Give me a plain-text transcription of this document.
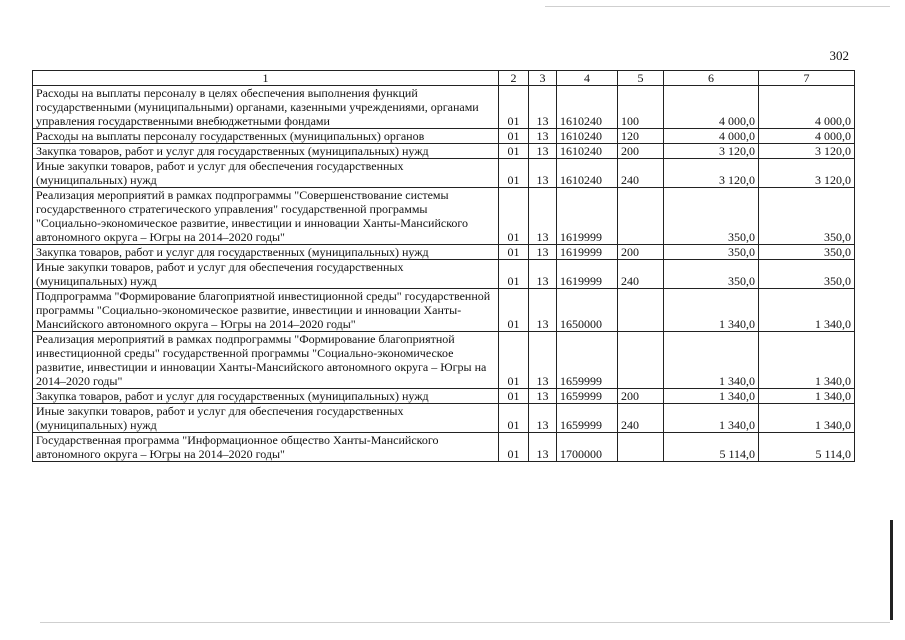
302
1	2	3	4	5	6	7
Расходы на выплаты персоналу в целях обеспечения выполнения функций государственными (муниципальными) органами, казенными учреждениями, органами управления государственными внебюджетными фондами	01	13	1610240	100	4 000,0	4 000,0
Расходы на выплаты персоналу государственных (муниципальных) органов	01	13	1610240	120	4 000,0	4 000,0
Закупка товаров, работ и услуг для государственных (муниципальных) нужд	01	13	1610240	200	3 120,0	3 120,0
Иные закупки товаров, работ и услуг для обеспечения государственных (муниципальных) нужд	01	13	1610240	240	3 120,0	3 120,0
Реализация мероприятий в рамках подпрограммы "Совершенствование системы государственного стратегического управления" государственной программы "Социально-экономическое развитие, инвестиции и инновации Ханты-Мансийского автономного округа – Югры на 2014–2020 годы"	01	13	1619999		350,0	350,0
Закупка товаров, работ и услуг для государственных (муниципальных) нужд	01	13	1619999	200	350,0	350,0
Иные закупки товаров, работ и услуг для обеспечения государственных (муниципальных) нужд	01	13	1619999	240	350,0	350,0
Подпрограмма "Формирование благоприятной инвестиционной среды" государственной программы "Социально-экономическое развитие, инвестиции и инновации Ханты-Мансийского автономного округа – Югры на 2014–2020 годы"	01	13	1650000		1 340,0	1 340,0
Реализация мероприятий в рамках подпрограммы "Формирование благоприятной инвестиционной среды" государственной программы "Социально-экономическое развитие, инвестиции и инновации Ханты-Мансийского автономного округа – Югры на 2014–2020 годы"	01	13	1659999		1 340,0	1 340,0
Закупка товаров, работ и услуг для государственных (муниципальных) нужд	01	13	1659999	200	1 340,0	1 340,0
Иные закупки товаров, работ и услуг для обеспечения государственных (муниципальных) нужд	01	13	1659999	240	1 340,0	1 340,0
Государственная программа "Информационное общество Ханты-Мансийского автономного округа – Югры на 2014–2020 годы"	01	13	1700000		5 114,0	5 114,0
